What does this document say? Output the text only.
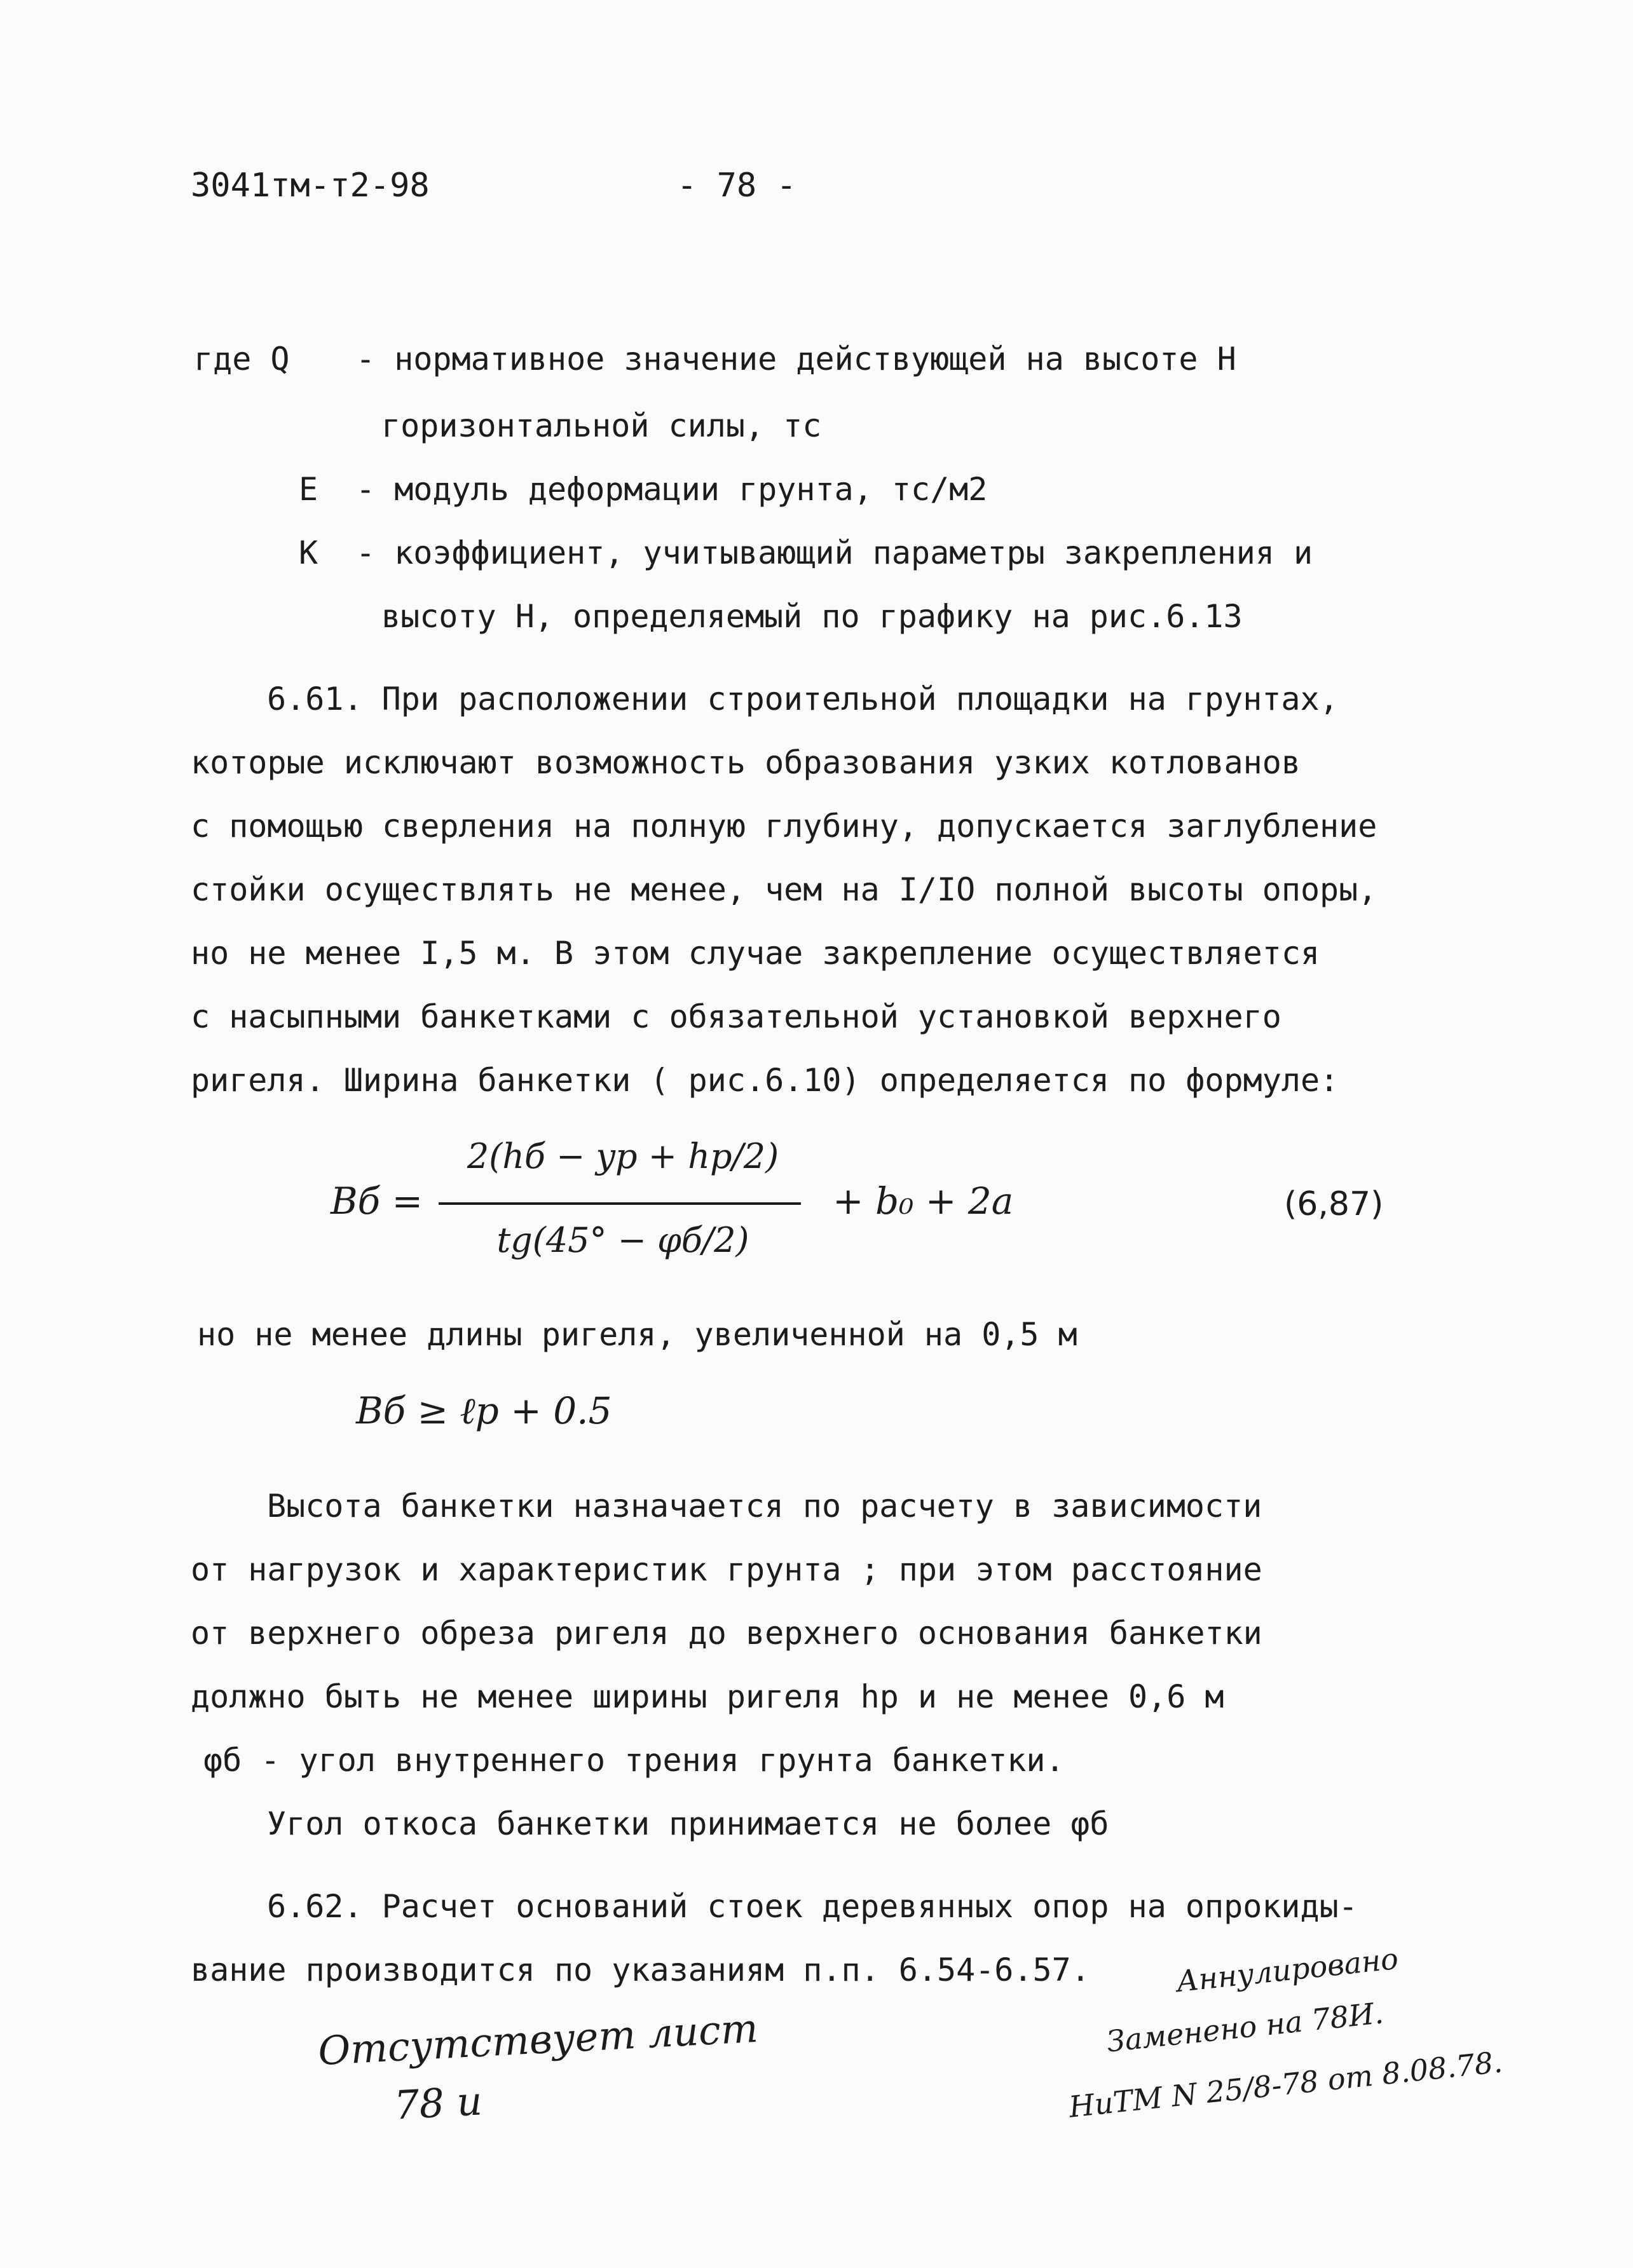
3041тм-т2-98	- 78 -
где Q - нормативное значение действующей на высоте H
горизонтальной силы, тс
E - модуль деформации грунта, тс/м2
K - коэффициент, учитывающий параметры закрепления и
высоту H, определяемый по графику на рис.6.13
6.61. При расположении строительной площадки на грунтах,
которые исключают возможность образования узких котлованов
с помощью сверления на полную глубину, допускается заглубление
стойки осуществлять не менее, чем на I/IO полной высоты опоры,
но не менее I,5 м. В этом случае закрепление осуществляется
с насыпными банкетками с обязательной установкой верхнего
ригеля. Ширина банкетки ( рис.6.10) определяется по формуле:
Bб =
2(hб − yр + hр/2)
tg(45° − φб/2)
+ b₀ + 2a	(6,87)
но не менее длины ригеля, увеличенной на 0,5 м
Bб ≥ ℓр + 0.5
Высота банкетки назначается по расчету в зависимости
от нагрузок и характеристик грунта ; при этом расстояние
от верхнего обреза ригеля до верхнего основания банкетки
должно быть не менее ширины ригеля hр и не менее 0,6 м
φб - угол внутреннего трения грунта банкетки.
Угол откоса банкетки принимается не более φб
6.62. Расчет оснований стоек деревянных опор на опрокиды-
вание производится по указаниям п.п. 6.54-6.57.
Отсутствует лист
78 и
Аннулировано
Заменено на 78И.
НиТМ N 25/8-78 от 8.08.78.
